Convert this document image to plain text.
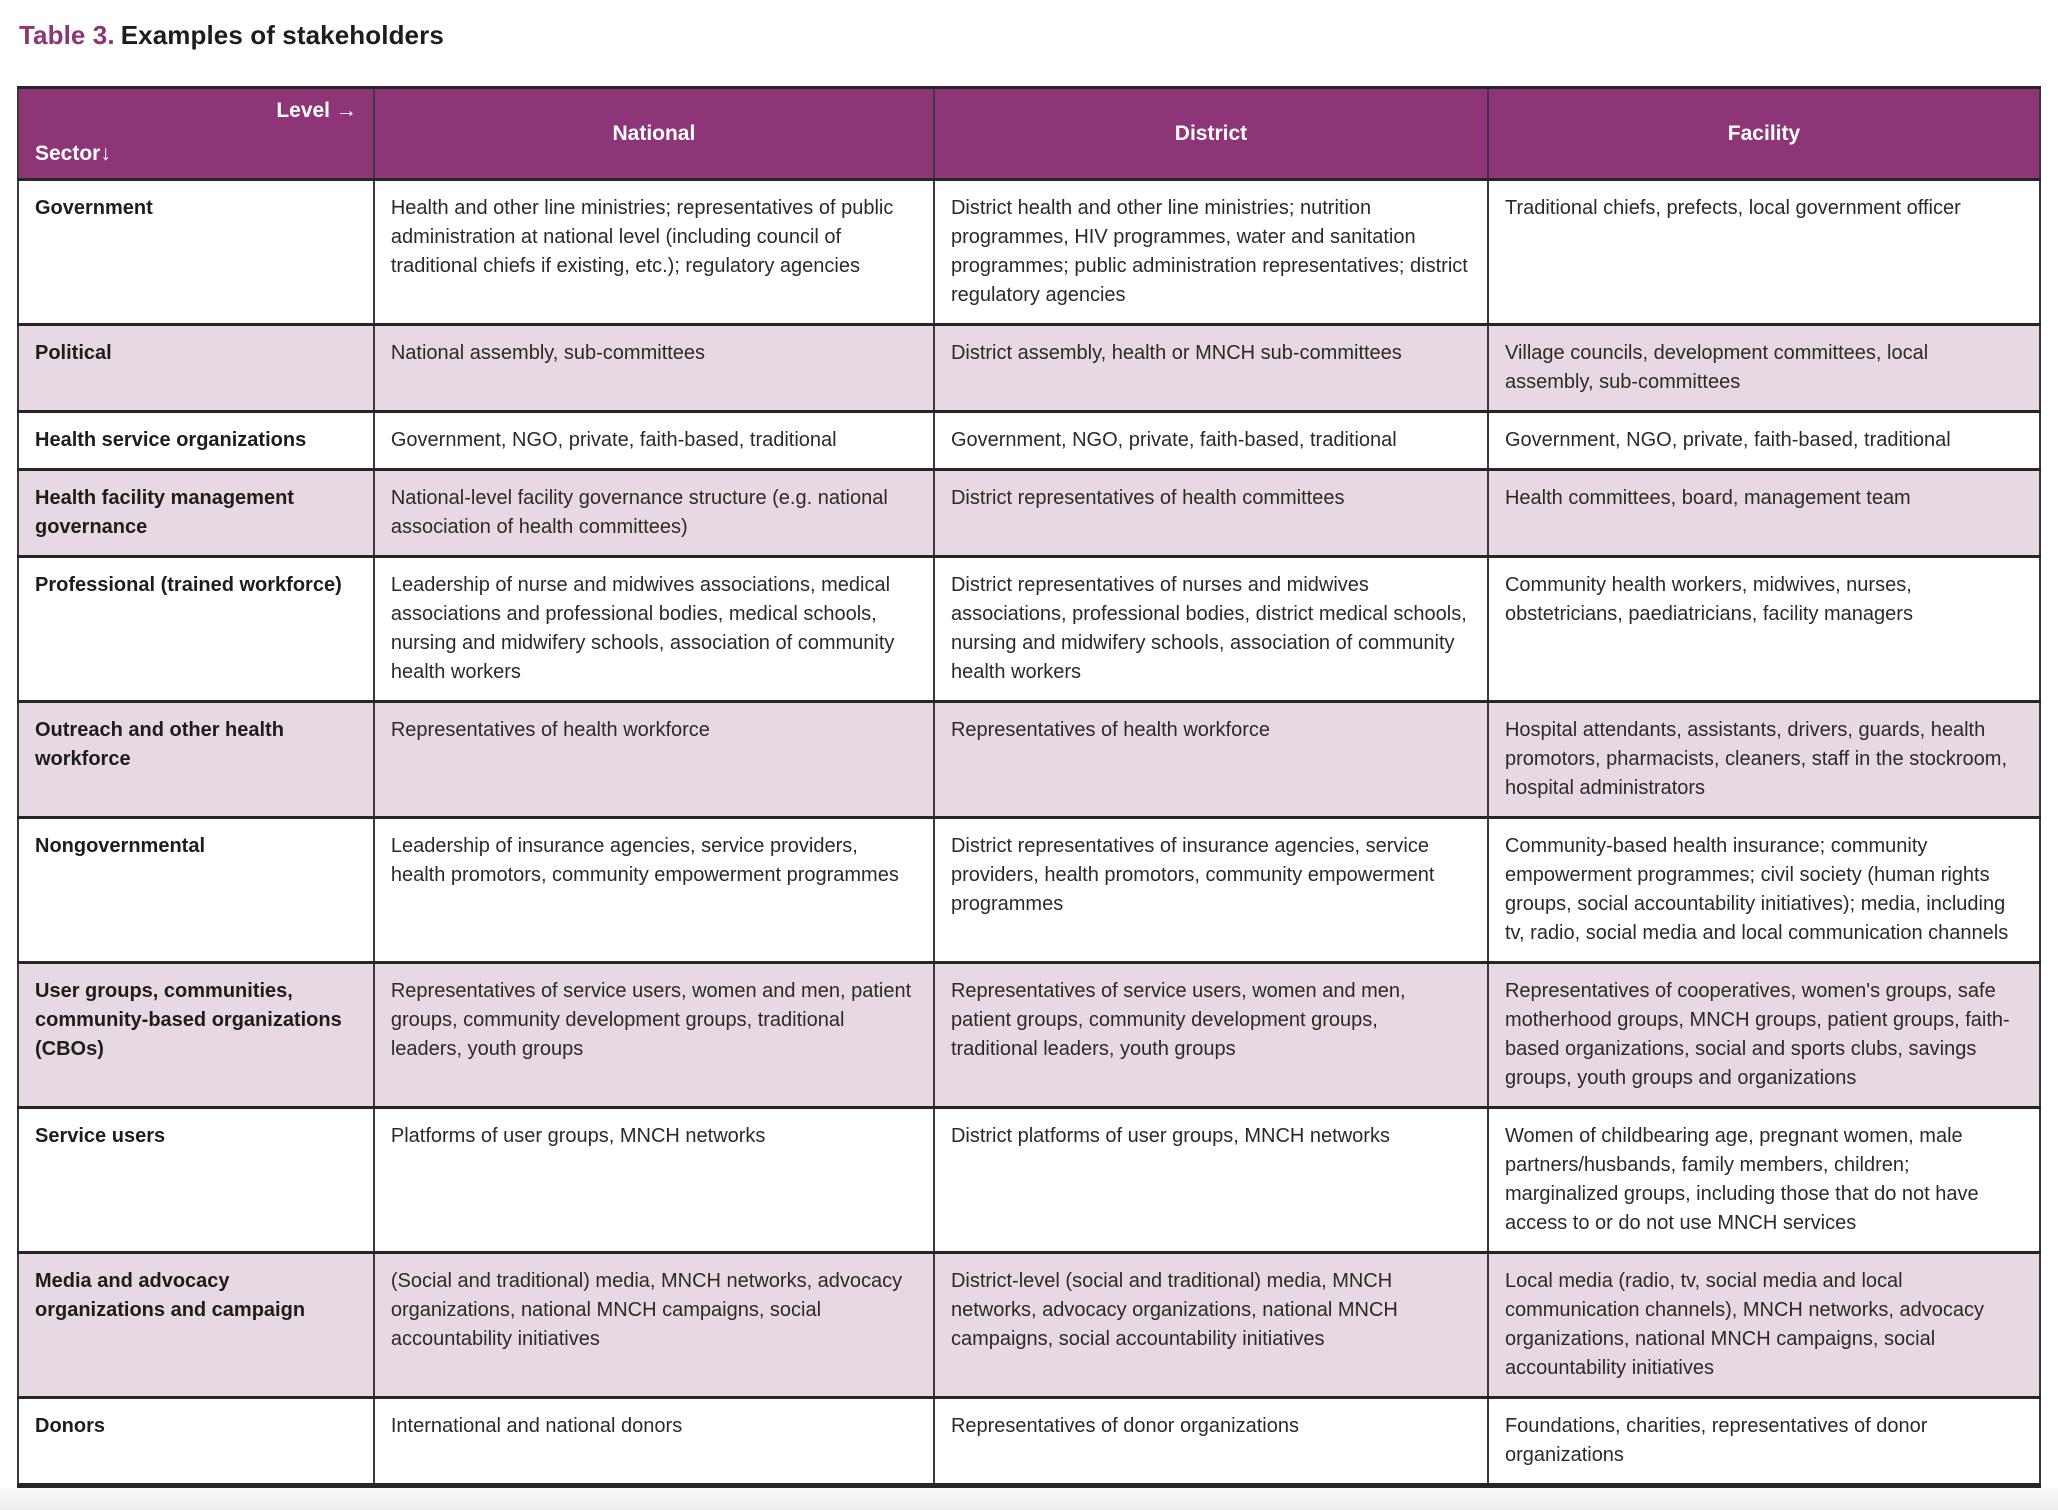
Table 3. Examples of stakeholders
Level →
Sector↓	National	District	Facility
Government	Health and other line ministries; representatives of public administration at national level (including council of traditional chiefs if existing, etc.); regulatory agencies	District health and other line ministries; nutrition programmes, HIV programmes, water and sanitation programmes; public administration representatives; district regulatory agencies	Traditional chiefs, prefects, local government officer
Political	National assembly, sub-committees	District assembly, health or MNCH sub-committees	Village councils, development committees, local assembly, sub-committees
Health service organizations	Government, NGO, private, faith-based, traditional	Government, NGO, private, faith-based, traditional	Government, NGO, private, faith-based, traditional
Health facility management governance	National-level facility governance structure (e.g. national association of health committees)	District representatives of health committees	Health committees, board, management team
Professional (trained workforce)	Leadership of nurse and midwives associations, medical associations and professional bodies, medical schools, nursing and midwifery schools, association of community health workers	District representatives of nurses and midwives associations, professional bodies, district medical schools, nursing and midwifery schools, association of community health workers	Community health workers, midwives, nurses, obstetricians, paediatricians, facility managers
Outreach and other health workforce	Representatives of health workforce	Representatives of health workforce	Hospital attendants, assistants, drivers, guards, health promotors, pharmacists, cleaners, staff in the stockroom, hospital administrators
Nongovernmental	Leadership of insurance agencies, service providers, health promotors, community empowerment programmes	District representatives of insurance agencies, service providers, health promotors, community empowerment programmes	Community-based health insurance; community empowerment programmes; civil society (human rights groups, social accountability initiatives); media, including tv, radio, social media and local communication channels
User groups, communities, community-based organizations (CBOs)	Representatives of service users, women and men, patient groups, community development groups, traditional leaders, youth groups	Representatives of service users, women and men, patient groups, community development groups, traditional leaders, youth groups	Representatives of cooperatives, women's groups, safe motherhood groups, MNCH groups, patient groups, faith-based organizations, social and sports clubs, savings groups, youth groups and organizations
Service users	Platforms of user groups, MNCH networks	District platforms of user groups, MNCH networks	Women of childbearing age, pregnant women, male partners/husbands, family members, children; marginalized groups, including those that do not have access to or do not use MNCH services
Media and advocacy organizations and campaign	(Social and traditional) media, MNCH networks, advocacy organizations, national MNCH campaigns, social accountability initiatives	District-level (social and traditional) media, MNCH networks, advocacy organizations, national MNCH campaigns, social accountability initiatives	Local media (radio, tv, social media and local communication channels), MNCH networks, advocacy organizations, national MNCH campaigns, social accountability initiatives
Donors	International and national donors	Representatives of donor organizations	Foundations, charities, representatives of donor organizations
